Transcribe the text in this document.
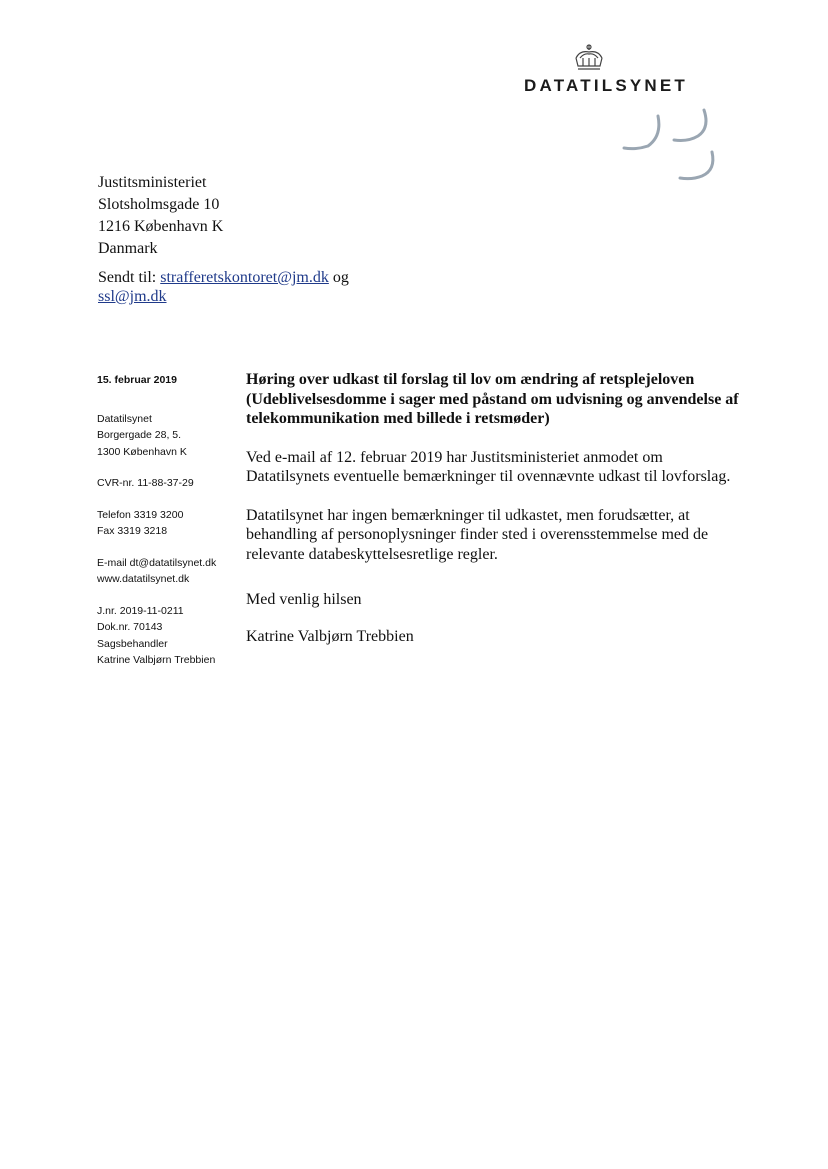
DATATILSYNET
Justitsministeriet
Slotsholmsgade 10
1216 København K
Danmark
Sendt til: strafferetskontoret@jm.dk og
ssl@jm.dk
15. februar 2019
Datatilsynet
Borgergade 28, 5.
1300 København K
CVR-nr. 11-88-37-29
Telefon 3319 3200
Fax 3319 3218
E-mail dt@datatilsynet.dk
www.datatilsynet.dk
J.nr. 2019-11-0211
Dok.nr. 70143
Sagsbehandler
Katrine Valbjørn Trebbien

Høring over udkast til forslag til lov om ændring af retsplejeloven (Udeblivelsesdomme i sager med påstand om udvisning og anvendelse af telekommunikation med billede i retsmøder)

Ved e-mail af 12. februar 2019 har Justitsministeriet anmodet om Datatilsynets eventuelle bemærkninger til ovennævnte udkast til lovforslag.

Datatilsynet har ingen bemærkninger til udkastet, men forudsætter, at behandling af personoplysninger finder sted i overensstemmelse med de relevante databeskyttelsesretlige regler.

Med venlig hilsen

Katrine Valbjørn Trebbien
